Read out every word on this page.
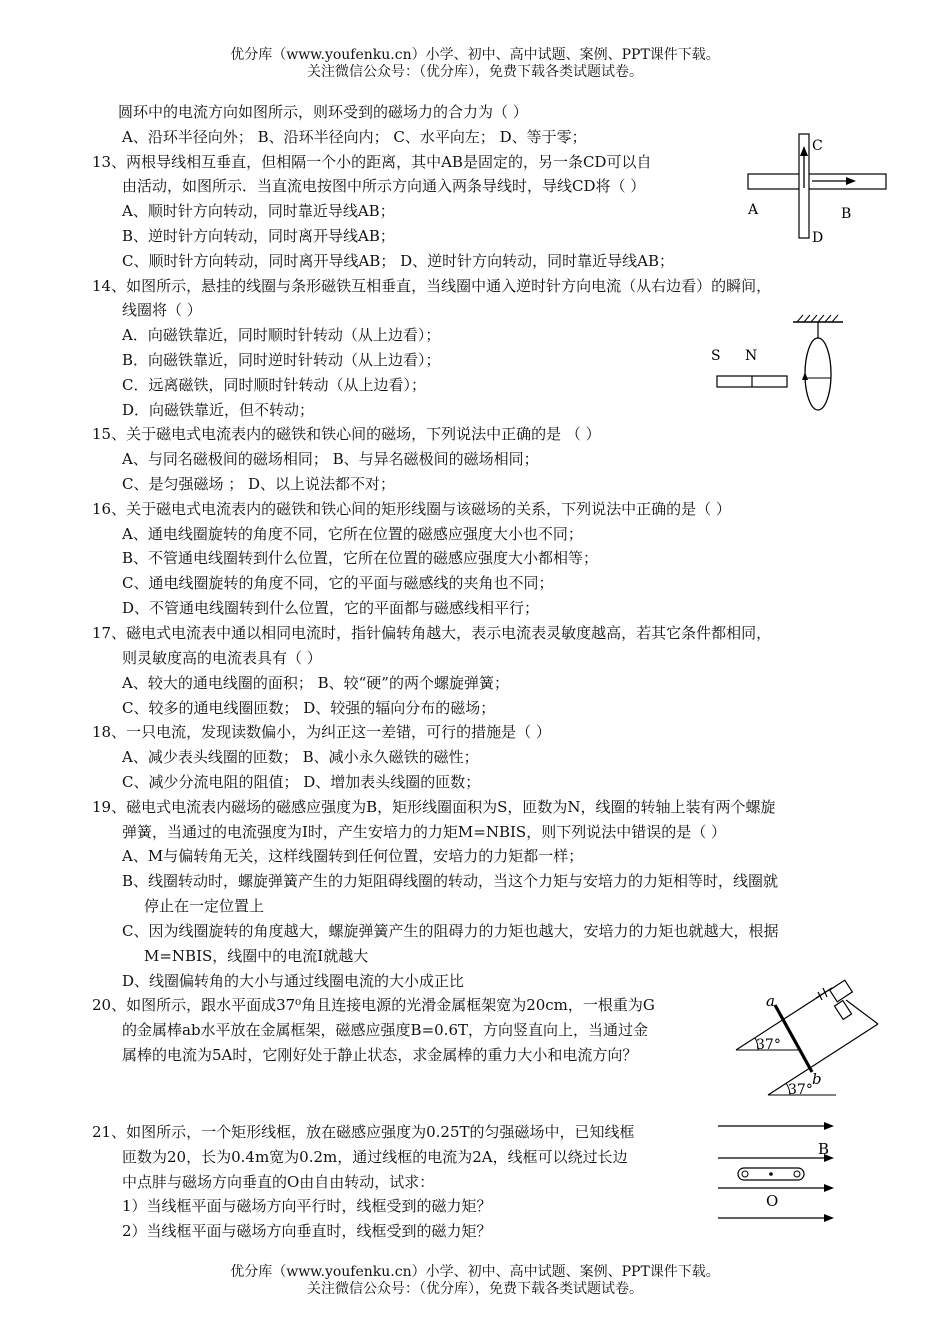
优分库（www.youfenku.cn）小学、初中、高中试题、案例、PPT课件下载。
关注微信公众号：（优分库），免费下载各类试题试卷。
圆环中的电流方向如图所示，则环受到的磁场力的合力为（ ）
A、沿环半径向外； B、沿环半径向内； C、水平向左； D、等于零；
13、两根导线相互垂直，但相隔一个小的距离，其中AB是固定的，另一条CD可以自
由活动，如图所示．当直流电按图中所示方向通入两条导线时，导线CD将（ ）
A、顺时针方向转动，同时靠近导线AB；
B、逆时针方向转动，同时离开导线AB；
C、顺时针方向转动，同时离开导线AB； D、逆时针方向转动，同时靠近导线AB；
14、如图所示，悬挂的线圈与条形磁铁互相垂直，当线圈中通入逆时针方向电流（从右边看）的瞬间，
线圈将（ ）
A．向磁铁靠近，同时顺时针转动（从上边看）；
B．向磁铁靠近，同时逆时针转动（从上边看）；
C．远离磁铁，同时顺时针转动（从上边看）；
D．向磁铁靠近，但不转动；
15、关于磁电式电流表内的磁铁和铁心间的磁场，下列说法中正确的是 （ ）
A、与同名磁极间的磁场相同； B、与异名磁极间的磁场相同；
C、是匀强磁场 ； D、以上说法都不对；
16、关于磁电式电流表内的磁铁和铁心间的矩形线圈与该磁场的关系，下列说法中正确的是（ ）
A、通电线圈旋转的角度不同，它所在位置的磁感应强度大小也不同；
B、不管通电线圈转到什么位置，它所在位置的磁感应强度大小都相等；
C、通电线圈旋转的角度不同，它的平面与磁感线的夹角也不同；
D、不管通电线圈转到什么位置，它的平面都与磁感线相平行；
17、磁电式电流表中通以相同电流时，指针偏转角越大，表示电流表灵敏度越高，若其它条件都相同，
则灵敏度高的电流表具有（ ）
A、较大的通电线圈的面积； B、较“硬”的两个螺旋弹簧；
C、较多的通电线圈匝数； D、较强的辐向分布的磁场；
18、一只电流，发现读数偏小，为纠正这一差错，可行的措施是（ ）
A、减少表头线圈的匝数； B、减小永久磁铁的磁性；
C、减少分流电阻的阻值； D、增加表头线圈的匝数；
19、磁电式电流表内磁场的磁感应强度为B，矩形线圈面积为S，匝数为N，线圈的转轴上装有两个螺旋
弹簧，当通过的电流强度为I时，产生安培力的力矩M=NBIS，则下列说法中错误的是（ ）
A、M与偏转角无关，这样线圈转到任何位置，安培力的力矩都一样；
B、线圈转动时，螺旋弹簧产生的力矩阻碍线圈的转动，当这个力矩与安培力的力矩相等时，线圈就
停止在一定位置上
C、因为线圈旋转的角度越大，螺旋弹簧产生的阻碍力的力矩也越大，安培力的力矩也就越大，根据
M=NBIS，线圈中的电流I就越大
D、线圈偏转角的大小与通过线圈电流的大小成正比
20、如图所示，跟水平面成37⁰角且连接电源的光滑金属框架宽为20cm，一根重为G
的金属棒ab水平放在金属框架，磁感应强度B=0.6T，方向竖直向上，当通过金
属棒的电流为5A时，它刚好处于静止状态，求金属棒的重力大小和电流方向？
21、如图所示，一个矩形线框，放在磁感应强度为0.25T的匀强磁场中，已知线框
匝数为20，长为0.4m宽为0.2m，通过线框的电流为2A，线框可以绕过长边
中点肨与磁场方向垂直的O由自由转动，试求：
1）当线框平面与磁场方向平行时，线框受到的磁力矩？
2）当线框平面与磁场方向垂直时，线框受到的磁力矩？
C
A	B
D
S N
a
b
37°
37°
B
O
优分库（www.youfenku.cn）小学、初中、高中试题、案例、PPT课件下载。
关注微信公众号：（优分库），免费下载各类试题试卷。
